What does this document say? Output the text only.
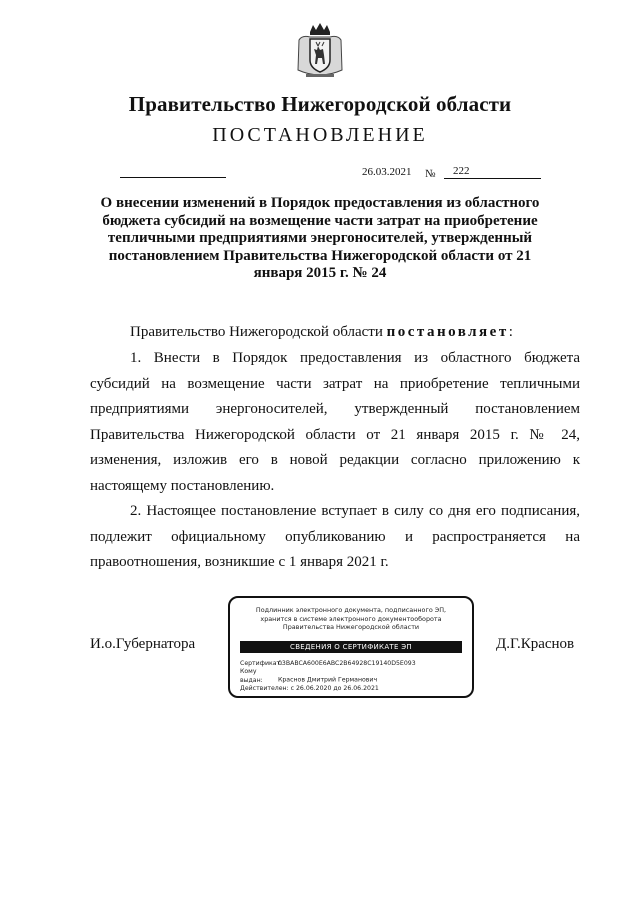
Правительство Нижегородской области
ПОСТАНОВЛЕНИЕ
26.03.2021 №	222
О внесении изменений в Порядок предоставления из областного бюджета субсидий на возмещение части затрат на приобретение тепличными предприятиями энергоносителей, утвержденный постановлением Правительства Нижегородской области от 21 января 2015 г. № 24
Правительство Нижегородской области постановляет:
1. Внести в Порядок предоставления из областного бюджета субсидий на возмещение части затрат на приобретение тепличными предприятиями энергоносителей, утвержденный постановлением Правительства Нижегородской области от 21 января 2015 г. № 24, изменения, изложив его в новой редакции согласно приложению к настоящему постановлению.
2. Настоящее постановление вступает в силу со дня его подписания, подлежит официальному опубликованию и распространяется на правоотношения, возникшие с 1 января 2021 г.
И.о.Губернатора	Д.Г.Краснов
Подлинник электронного документа, подписанного ЭП,
хранится в системе электронного документооборота
Правительства Нижегородской области
СВЕДЕНИЯ О СЕРТИФИКАТЕ ЭП
Сертификат: 03BABCA600E6ABC2B64928C19140D5E093
Кому выдан: Краснов Дмитрий Германович
Действителен: с 26.06.2020 до 26.06.2021
